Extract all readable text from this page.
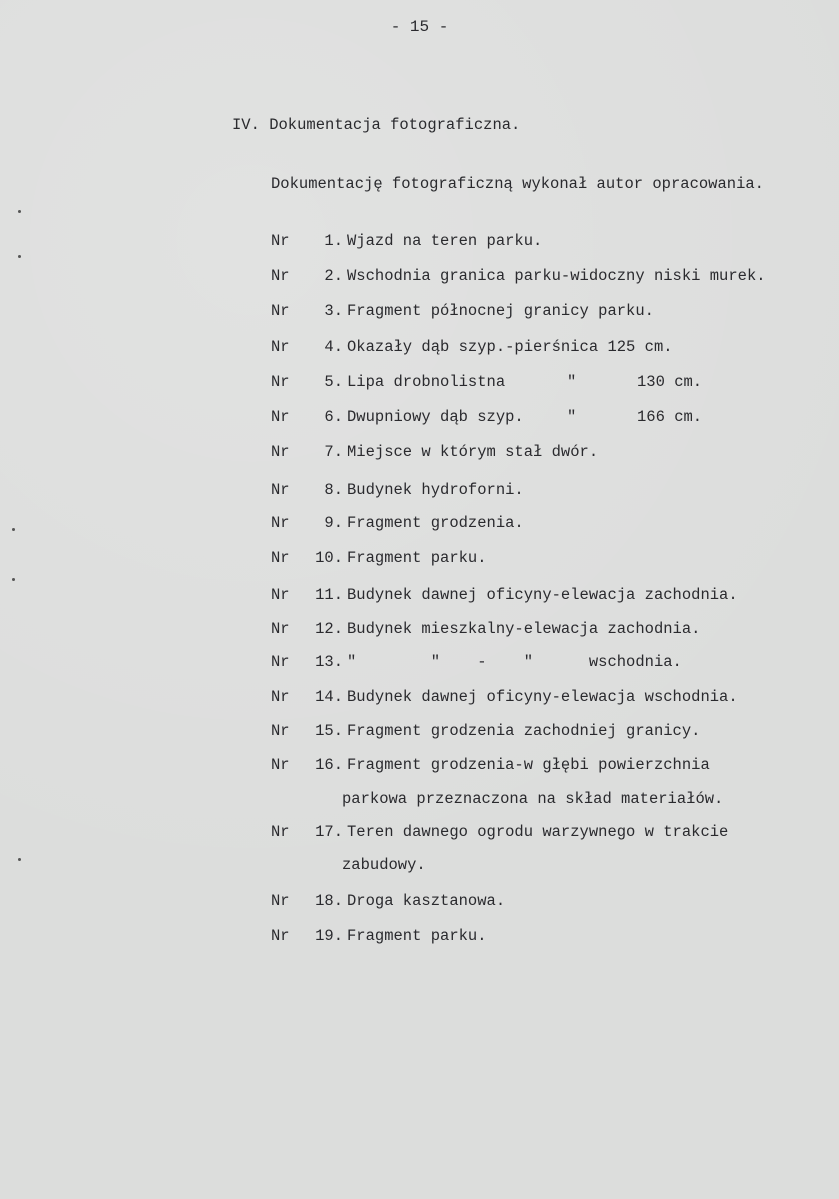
- 15 -
IV. Dokumentacja fotograficzna.
Dokumentację fotograficzną wykonał autor opracowania.
Nr 1. Wjazd na teren parku.
Nr 2. Wschodnia granica parku-widoczny niski murek.
Nr 3. Fragment północnej granicy parku.
Nr 4. Okazały dąb szyp.-pierśnica 125 cm.
Nr 5. Lipa drobnolistna	"	130 cm.
Nr 6. Dwupniowy dąb szyp.	"	166 cm.
Nr 7. Miejsce w którym stał dwór.
Nr 8. Budynek hydroforni.
Nr 9. Fragment grodzenia.
Nr 10. Fragment parku.
Nr 11. Budynek dawnej oficyny-elewacja zachodnia.
Nr 12. Budynek mieszkalny-elewacja zachodnia.
Nr 13. "        "    -    "      wschodnia.
Nr 14. Budynek dawnej oficyny-elewacja wschodnia.
Nr 15. Fragment grodzenia zachodniej granicy.
Nr 16. Fragment grodzenia-w głębi powierzchnia
parkowa przeznaczona na skład materiałów.
Nr 17. Teren dawnego ogrodu warzywnego w trakcie
zabudowy.
Nr 18. Droga kasztanowa.
Nr 19. Fragment parku.
